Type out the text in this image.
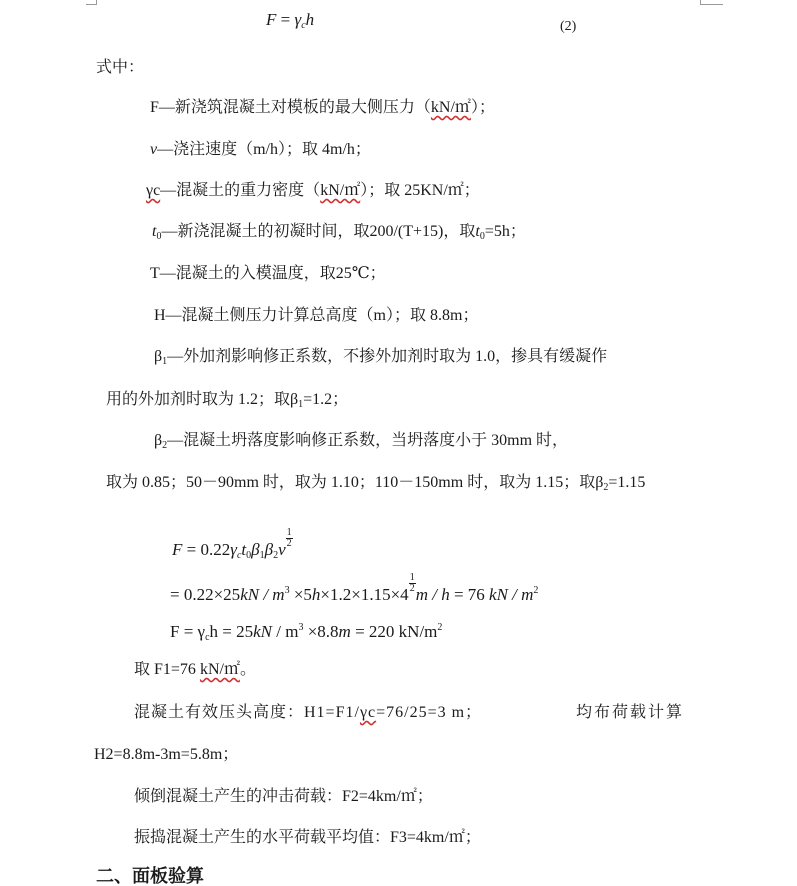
$F = \gamma_ch$	(2)
式中：
F—新浇筑混凝土对模板的最大侧压力（kN/㎡）；
v—浇注速度（m/h）；取 4m/h；
γc—混凝土的重力密度（kN/㎡）；取 25KN/㎡；
$t_0—$新浇混凝土的初凝时间，取200/(T+15)，取$t_0=5h$；
T—混凝土的入模温度，取25℃；
H—混凝土侧压力计算总高度（m）；取 8.8m；
$\beta_1—$外加剂影响修正系数，不掺外加剂时取为 1.0，掺具有缓凝作
用的外加剂时取为 1.2；取$\beta_1=1.2$；
$\beta_2—$混凝土坍落度影响修正系数，当坍落度小于 30mm 时，
取为 0.85；50－90mm 时，取为 1.10；110－150mm 时，取为 1.15；取$\beta_2=1.15$
$F = 0.22\gamma_ct_0\beta_1\beta_2v$
$\frac{1}{2}$
= $0.22\times 25kN / m^3 \times 5h\times 1.2\times 1.15\times 4$
$\frac{1}{2}$
m / h = 76 kN / $m^2$
$F = \gamma_ch = 25kN / m^3 \times 8.8m = 220$ $kN/m^2$
取 F1=76 kN/㎡。
混凝土有效压头高度：H1=F1/γc=76/25=3 m；	均布荷载计算
H2=8.8m-3m=5.8m；
倾倒混凝土产生的冲击荷载：F2=4km/㎡；
振捣混凝土产生的水平荷载平均值：F3=4km/㎡；
二、面板验算
